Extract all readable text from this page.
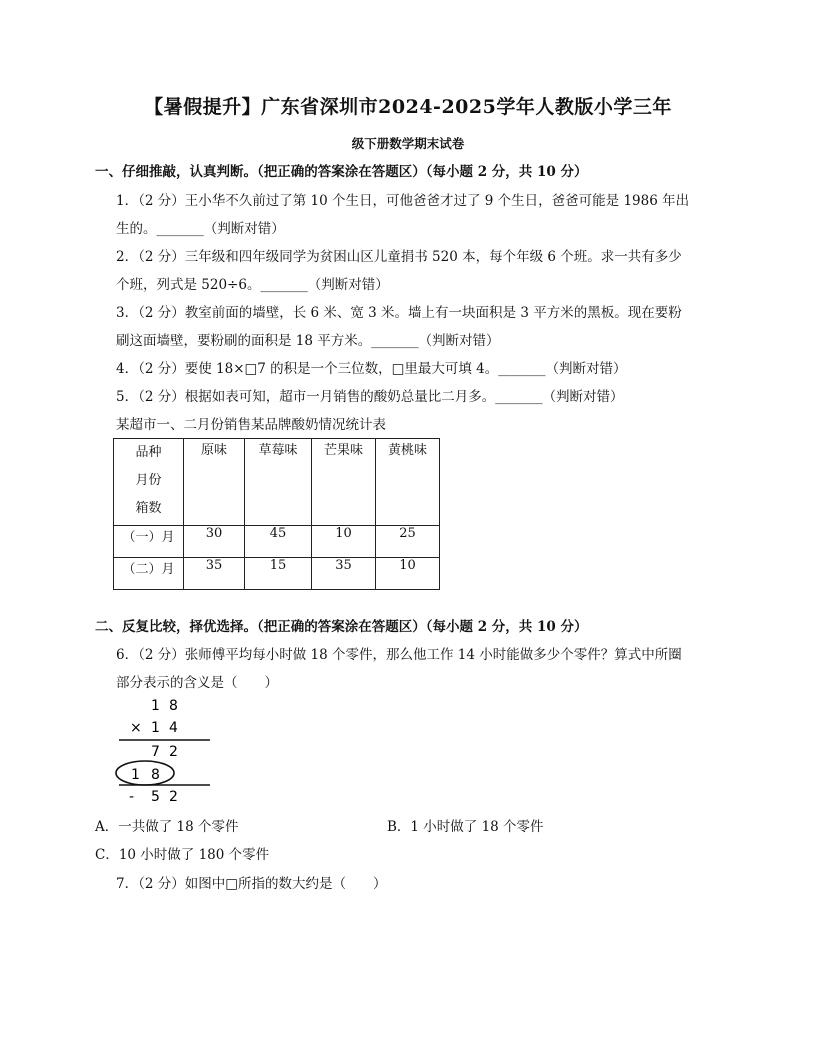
【暑假提升】广东省深圳市2024-2025学年人教版小学三年
级下册数学期末试卷
一、仔细推敲，认真判断。（把正确的答案涂在答题区）（每小题 2 分，共 10 分）
1．（2 分）王小华不久前过了第 10 个生日，可他爸爸才过了 9 个生日，爸爸可能是 1986 年出
生的。_______（判断对错）
2．（2 分）三年级和四年级同学为贫困山区儿童捐书 520 本，每个年级 6 个班。求一共有多少
个班，列式是 520÷6。_______（判断对错）
3．（2 分）教室前面的墙壁，长 6 米、宽 3 米。墙上有一块面积是 3 平方米的黑板。现在要粉
刷这面墙壁，要粉刷的面积是 18 平方米。_______（判断对错）
4．（2 分）要使 18×□7 的积是一个三位数，□里最大可填 4。_______（判断对错）
5．（2 分）根据如表可知，超市一月销售的酸奶总量比二月多。_______（判断对错）
某超市一、二月份销售某品牌酸奶情况统计表
品种
月份
箱数	原味	草莓味	芒果味	黄桃味
（一）月	30	45	10	25
（二）月	35	15	35	10
二、反复比较，择优选择。（把正确的答案涂在答题区）（每小题 2 分，共 10 分）
6．（2 分）张师傅平均每小时做 18 个零件，那么他工作 14 小时能做多少个零件？算式中所圈
部分表示的含义是（　　）
1 8
× 1 4
7 2
1 8
- 5 2
A．一共做了 18 个零件	B．1 小时做了 18 个零件
C．10 小时做了 180 个零件
7．（2 分）如图中□所指的数大约是（　　）
